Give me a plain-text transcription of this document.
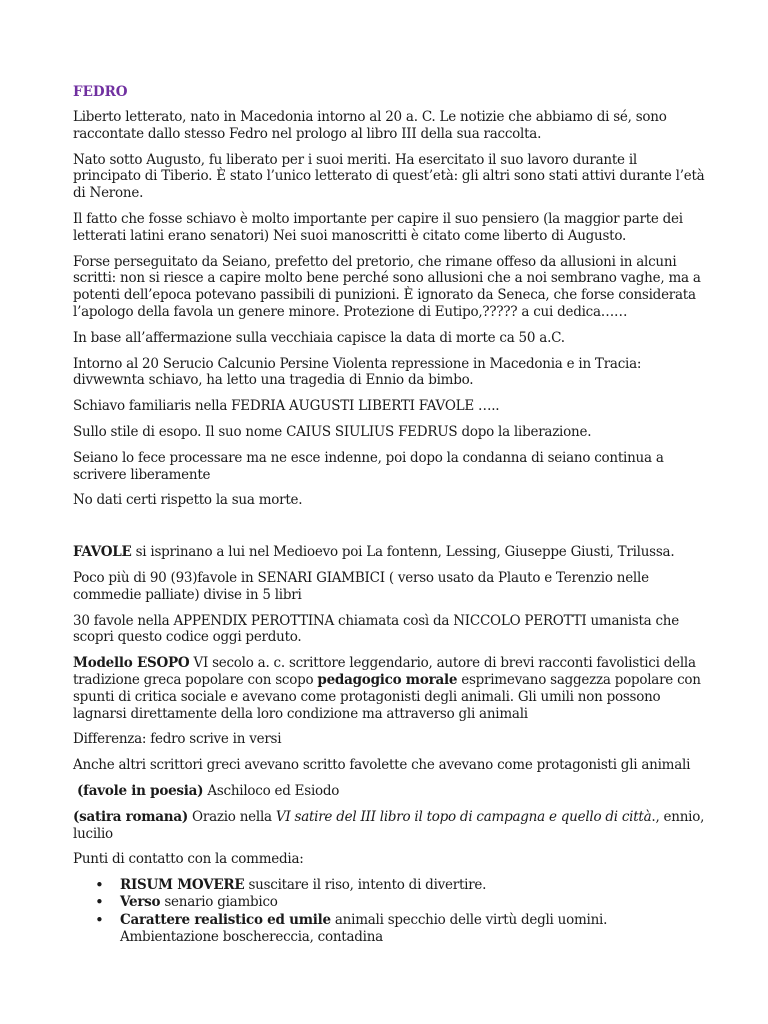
FEDRO

Liberto letterato, nato in Macedonia intorno al 20 a. C. Le notizie che abbiamo di sé, sono raccontate dallo stesso Fedro nel prologo al libro III della sua raccolta.

Nato sotto Augusto, fu liberato per i suoi meriti. Ha esercitato il suo lavoro durante il principato di Tiberio. È stato l’unico letterato di quest’età: gli altri sono stati attivi durante l’età di Nerone.

Il fatto che fosse schiavo è molto importante per capire il suo pensiero (la maggior parte dei letterati latini erano senatori) Nei suoi manoscritti è citato come liberto di Augusto.

Forse perseguitato da Seiano, prefetto del pretorio, che rimane offeso da allusioni in alcuni scritti: non si riesce a capire molto bene perché sono allusioni che a noi sembrano vaghe, ma a potenti dell’epoca potevano passibili di punizioni. È ignorato da Seneca, che forse considerata l’apologo della favola un genere minore. Protezione di Eutipo,????? a cui dedica……

In base all’affermazione sulla vecchiaia capisce la data di morte ca 50 a.C.

Intorno al 20 Serucio Calcunio Persine Violenta repressione in Macedonia e in Tracia: divwewnta schiavo, ha letto una tragedia di Ennio da bimbo.

Schiavo familiaris nella FEDRIA AUGUSTI LIBERTI FAVOLE …..

Sullo stile di esopo. Il suo nome CAIUS SIULIUS FEDRUS dopo la liberazione.

Seiano lo fece processare ma ne esce indenne, poi dopo la condanna di seiano continua a scrivere liberamente

No dati certi rispetto la sua morte.

FAVOLE si isprinano a lui nel Medioevo poi La fontenn, Lessing, Giuseppe Giusti, Trilussa.

Poco più di 90 (93)favole in SENARI GIAMBICI ( verso usato da Plauto e Terenzio nelle commedie palliate) divise in 5 libri

30 favole nella APPENDIX PEROTTINA chiamata così da NICCOLO PEROTTI umanista che scopri questo codice oggi perduto.

Modello ESOPO VI secolo a. c. scrittore leggendario, autore di brevi racconti favolistici della tradizione greca popolare con scopo pedagogico morale esprimevano saggezza popolare con spunti di critica sociale e avevano come protagonisti degli animali. Gli umili non possono lagnarsi direttamente della loro condizione ma attraverso gli animali

Differenza: fedro scrive in versi

Anche altri scrittori greci avevano scritto favolette che avevano come protagonisti gli animali

(favole in poesia) Aschiloco ed Esiodo

(satira romana) Orazio nella VI satire del III libro il topo di campagna e quello di città., ennio, lucilio

Punti di contatto con la commedia:

• RISUM MOVERE suscitare il riso, intento di divertire.
• Verso senario giambico
• Carattere realistico ed umile animali specchio delle virtù degli uomini. Ambientazione boschereccia, contadina
